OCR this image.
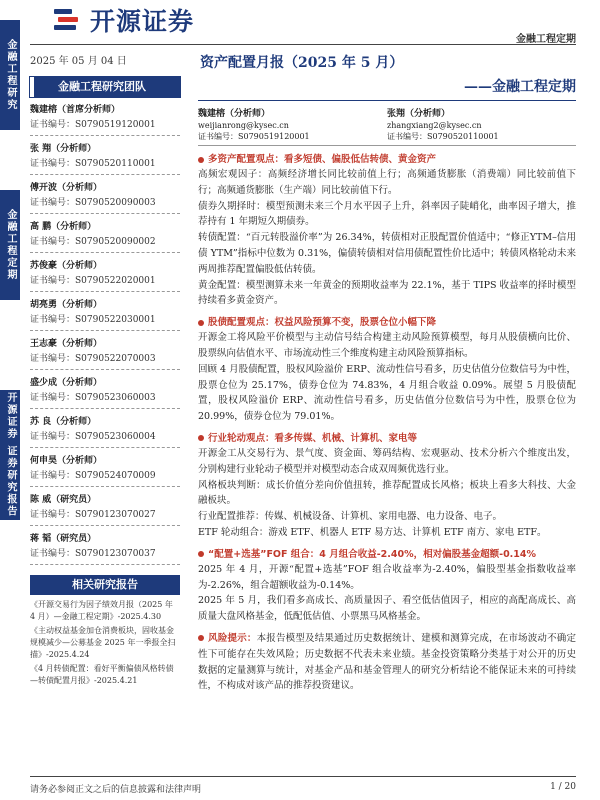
开源证券
金融工程定期
金融工程研究
金融工程定期
开源证券 证券研究报告
2025 年 05 月 04 日
金融工程研究团队
魏建榕（首席分析师）
证书编号：S0790519120001
张 翔（分析师）
证书编号：S0790520110001
傅开波（分析师）
证书编号：S0790520090003
高 鹏（分析师）
证书编号：S0790520090002
苏俊豪（分析师）
证书编号：S0790522020001
胡亮勇（分析师）
证书编号：S0790522030001
王志豪（分析师）
证书编号：S0790522070003
盛少成（分析师）
证书编号：S0790523060003
苏 良（分析师）
证书编号：S0790523060004
何申昊（分析师）
证书编号：S0790524070009
陈 威（研究员）
证书编号：S0790123070027
蒋 韬（研究员）
证书编号：S0790123070037
相关研究报告
《开源交易行为因子绩效月报（2025 年 4 月）—金融工程定期》-2025.4.30
《主动权益基金加仓消费板块，固收基金规模减少—公募基金 2025 年一季报全扫描》-2025.4.24
《4 月转债配置：看好平衡偏债风格转债—转债配置月报》-2025.4.21
资产配置月报（2025 年 5 月）
——金融工程定期
魏建榕（分析师）
weijianrong@kysec.cn
证书编号：S0790519120001
张翔（分析师）
zhangxiang2@kysec.cn
证书编号：S0790520110001
多资产配置观点：看多短债、偏股低估转债、黄金资产
高频宏观因子：高频经济增长同比较前值上行；高频通货膨胀（消费端）同比较前值下行；高频通货膨胀（生产端）同比较前值下行。
债券久期择时：模型预测未来三个月水平因子上升，斜率因子陡峭化，曲率因子增大，推荐持有 1 年期短久期债券。
转债配置：“百元转股溢价率”为 26.34%，转债相对正股配置价值适中；“修正YTM–信用债 YTM”指标中位数为 0.31%，偏债转债相对信用债配置性价比适中；转债风格轮动未来两周推荐配置偏股低估转债。
黄金配置：模型测算未来一年黄金的预期收益率为 22.1%，基于 TIPS 收益率的择时模型持续看多黄金资产。
股债配置观点：权益风险预算不变，股票仓位小幅下降
开源金工将风险平价模型与主动信号结合构建主动风险预算模型，每月从股债横向比价、股票纵向估值水平、市场流动性三个维度构建主动风险预算指标。
回顾 4 月股债配置，股权风险溢价 ERP、流动性信号看多，历史估值分位数信号为中性，股票仓位为 25.17%，债券仓位为 74.83%，4 月组合收益 0.09%。展望 5 月股债配置，股权风险溢价 ERP、流动性信号看多，历史估值分位数信号为中性，股票仓位为 20.99%，债券仓位为 79.01%。
行业轮动观点：看多传媒、机械、计算机、家电等
开源金工从交易行为、景气度、资金面、筹码结构、宏观驱动、技术分析六个维度出发，分别构建行业轮动子模型并对模型动态合成双周频优选行业。
风格板块判断：成长价值分差向价值扭转，推荐配置成长风格；板块上看多大科技、大金融板块。
行业配置推荐：传媒、机械设备、计算机、家用电器、电力设备、电子。
ETF 轮动组合：游戏 ETF、机器人 ETF 易方达、计算机 ETF 南方、家电 ETF。
“配置+选基”FOF 组合：4 月组合收益-2.40%，相对偏股基金超额-0.14%
2025 年 4 月，开源“配置+选基”FOF 组合收益率为-2.40%，偏股型基金指数收益率为-2.26%，组合超额收益为-0.14%。
2025 年 5 月，我们看多高成长、高质量因子、看空低估值因子，相应的高配高成长、高质量大盘风格基金，低配低估值、小票黑马风格基金。
风险提示：本报告模型及结果通过历史数据统计、建模和测算完成，在市场波动不确定性下可能存在失效风险；历史数据不代表未来业绩。基金投资策略分类基于对公开的历史数据的定量测算与统计，对基金产品和基金管理人的研究分析结论不能保证未来的可持续性，不构成对该产品的推荐投资建议。
请务必参阅正文之后的信息披露和法律声明	1 / 20
